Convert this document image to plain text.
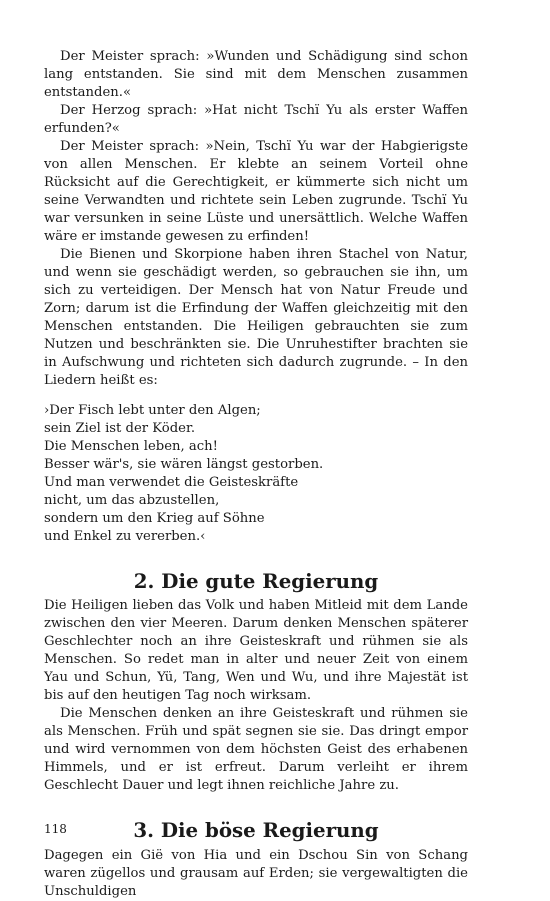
Der Meister sprach: »Wunden und Schädigung sind schon lang entstanden. Sie sind mit dem Menschen zusammen entstanden.«

Der Herzog sprach: »Hat nicht Tschï Yu als erster Waffen erfunden?«

Der Meister sprach: »Nein, Tschï Yu war der Habgierigste von allen Menschen. Er klebte an seinem Vorteil ohne Rücksicht auf die Gerechtigkeit, er kümmerte sich nicht um seine Verwandten und richtete sein Leben zugrunde. Tschï Yu war versunken in seine Lüste und unersättlich. Welche Waffen wäre er imstande gewesen zu erfinden!

Die Bienen und Skorpione haben ihren Stachel von Natur, und wenn sie geschädigt werden, so gebrauchen sie ihn, um sich zu verteidigen. Der Mensch hat von Natur Freude und Zorn; darum ist die Erfindung der Waffen gleichzeitig mit den Menschen entstanden. Die Heiligen gebrauchten sie zum Nutzen und beschränkten sie. Die Unruhestifter brachten sie in Aufschwung und richteten sich dadurch zugrunde. – In den Liedern heißt es:

›Der Fisch lebt unter den Algen;
sein Ziel ist der Köder.
Die Menschen leben, ach!
Besser wär's, sie wären längst gestorben.
Und man verwendet die Geisteskräfte
nicht, um das abzustellen,
sondern um den Krieg auf Söhne
und Enkel zu vererben.‹
2. Die gute Regierung

Die Heiligen lieben das Volk und haben Mitleid mit dem Lande zwischen den vier Meeren. Darum denken Menschen späterer Geschlechter noch an ihre Geisteskraft und rühmen sie als Menschen. So redet man in alter und neuer Zeit von einem Yau und Schun, Yü, Tang, Wen und Wu, und ihre Majestät ist bis auf den heutigen Tag noch wirksam.

Die Menschen denken an ihre Geisteskraft und rühmen sie als Menschen. Früh und spät segnen sie sie. Das dringt empor und wird vernommen von dem höchsten Geist des erhabenen Himmels, und er ist erfreut. Darum verleiht er ihrem Geschlecht Dauer und legt ihnen reichliche Jahre zu.

3. Die böse Regierung

Dagegen ein Gië von Hia und ein Dschou Sin von Schang waren zügellos und grausam auf Erden; sie vergewaltigten die Unschuldigen

118
